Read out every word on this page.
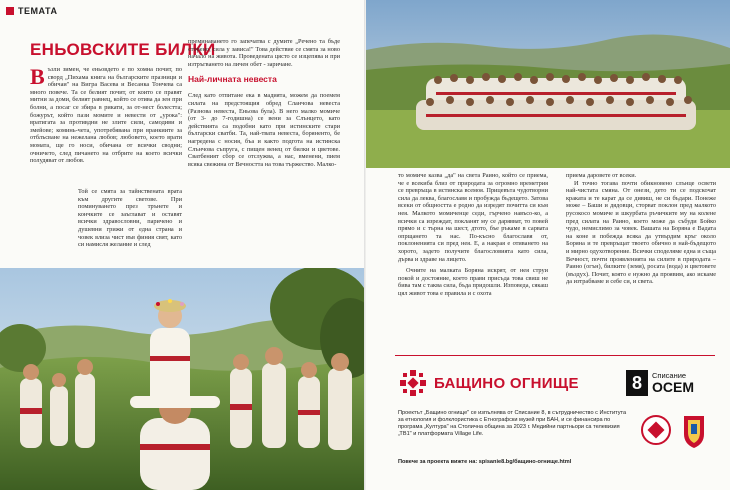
ТЕМАТА
ЕНЬОВСКИТЕ БИЛКИ
В ъзли зимен, че еньовдето е по хомна почит, по сворд „Пихама книга на българските празници и обичаи" на Вигра Васева и Весанка Тончева са много повече. Та се белият почит, от които се правят митни за доми, белият равнец, който се отива да зен при болни, а посаг се збира в рикати, за от-нест болестта; божурът, който пази момите и невести от „урока": вратигата за противдни не злите сили, самодиви и змейове; коминь-чета, употребявана при вранкиите за отблъсване на нежелана любов; любовето, което врати момата, ще го носи, обичана от всички сводни; очничето, след пичането на отбрите на което всички полудяват от любов.
Той се смята за тайнствената врата към другите светове. При поминуването през трънете и кончките се заъглават и оставят всички здравословни, паричено и душевни грижи от една страна и човек влиза чист във финия свят, като си намисля желание и след
преминаването го запечатва с думите „Речено та бъде сторено, сила у зависа!" Това действие се смята за ново начало на живота. Проведената цясто се изцепява и при изтръгването на личен обет - заричане.
Най-личната невеста
След като отпитане ека в мадията, можем да поемем силата на предстоящия обред Сланчова невеста (Разнова невеста, Еньова була). В него малко момиче (от 3- до 7-годишна) се вени за Слънцето, като действията са подобни като при истинските стари български сватби. Та, най-твата невеста, боряненто, бе нагредена с носия, бъа и както подгота на истинска Слънчова съпруга, с пищен венец от билки и цветове. Сватбеният сбор се отслужва, а нас, вменени, пием всяка свежина от Вечността на това тържество. Малко-
то момиче казва „да" на светa Раино, който се приема, че е всекиба близ от природата за огромно времетрия се превръща в истинска всемоя. Прицевъта чудотворни сила да леква, благославя и пробужда бъдещето. Затова всеки от общността е родно да изредят почитта си към нея. Малкото момиченце седи, гърчено навъсо-ко, а всички са изреждат, покланят му се дарявват, то повей прямо и с търна на шест, дтото, бъе ръкаме в сарвата опрщането та нас. По-късно благославя от, поклоненията си пред нея. Е, а накрая е отиването на хорото, задето получите благословията като сила, дърва и здраве на лицето.
Очните на малката Боряна искрят, от нея струи покой и достояние, което прави присъда това свиш не бива там с таква сила, бъда придошли. Изповеда, сякаш цял живот това е правила и с охота
приема даровете от всеки.
И точно тогава почти обикновено слънце освети най-чистата смяна. От онези, дето ти се подскочат краката и те карат да се дивиш, не си бъдари. Понеже може – Баши и дядовци, сторват поклон пред малкото русокосо момиче и шкурбата ръчичките му на колене пред силата на Раино, което може да събуди Бойко чудо, немислимо за човек. Вашата на Боряна е Вадата на коне и побежда всяка да утвърдим кръг около Боряна и те превръщат твоето обично в най-бъдещото и мирно одухотворение. Всички споделяме една и съща Вечност, почти проявленията на силите в природата – Раино (огън), билките (земя), росата (вода) и цветовете (въздух). Почит, която е нужно да проявим, ако искаме да изтрабваме и себе си, и света.
БАЩИНО ОГНИЩЕ	8	Списание
ОСЕМ
Проектът „Бащино огнище" се изпълнява от Списание 8, в сътрудничество с Института за етнология и фолклористика с Етнографски музей при БАН, и се финансира по програма „Култура" на Столична община за 2023 г. Медийни партньори са телевизия „ТВ1" и платформата Village Life.
Повече за проекта вижте на: spisanie8.bg/бащино-огнище.html
